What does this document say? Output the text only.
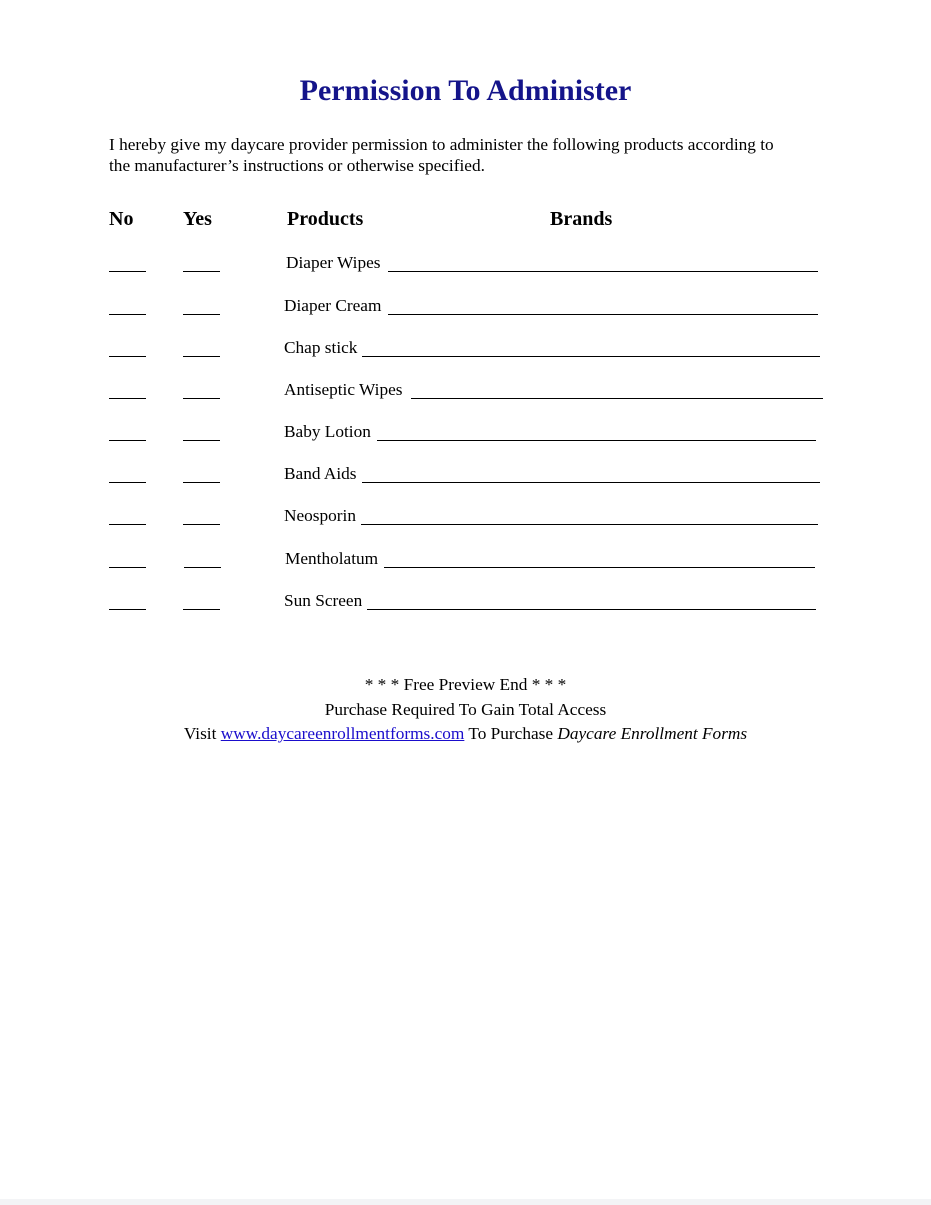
Permission To Administer

I hereby give my daycare provider permission to administer the following products according to

the manufacturer’s instructions or otherwise specified.

No Yes	Products	Brands
Diaper Wipes
Diaper Cream
Chap stick
Antiseptic Wipes
Baby Lotion
Band Aids
Neosporin
Mentholatum
Sun Screen

* * * Free Preview End * * *

Purchase Required To Gain Total Access

Visit www.daycareenrollmentforms.com To Purchase Daycare Enrollment Forms
